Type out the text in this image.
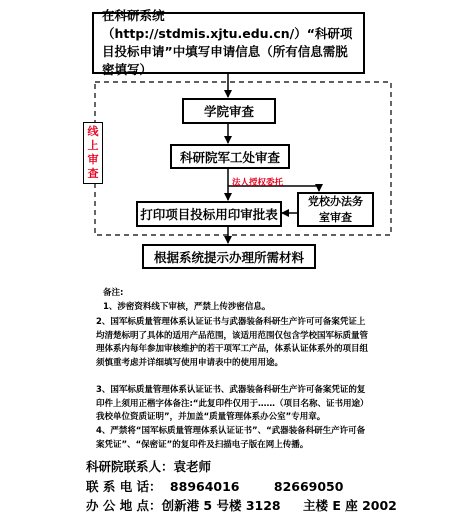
在科研系统（http://stdmis.xjtu.edu.cn/）“科研项目投标申请”中填写申请信息（所有信息需脱密填写）
线上审查
学院审查
科研院军工处审查
法人授权委托
党校办法务室审查
打印项目投标用印审批表
根据系统提示办理所需材料
备注:
1、涉密资料线下审核，严禁上传涉密信息。
2、国军标质量管理体系认证证书与武器装备科研生产许可可备案凭证上均清楚标明了具体的适用产品范围，该适用范围仅包含学校国军标质量管理体系内每年参加审核维护的若干项军工产品，体系认证体系外的项目组须慎重考虑并详细填写使用申请表中的使用用途。
3、国军标质量管理体系认证证书、武器装备科研生产许可备案凭证的复印件上须用正楷字体备注:“此复印件仅用于……（项目名称、证书用途）我校单位资质证明”，并加盖“质量管理体系办公室”专用章。
4、严禁将“国军标质量管理体系认证证书”、“武器装备科研生产许可备案凭证”、“保密证”的复印件及扫描电子版在网上传播。
科研院联系人：袁老师
联 系 电 话： 88964016	82669050
办 公 地 点：创新港 5 号楼 3128 主楼 E 座 2002
